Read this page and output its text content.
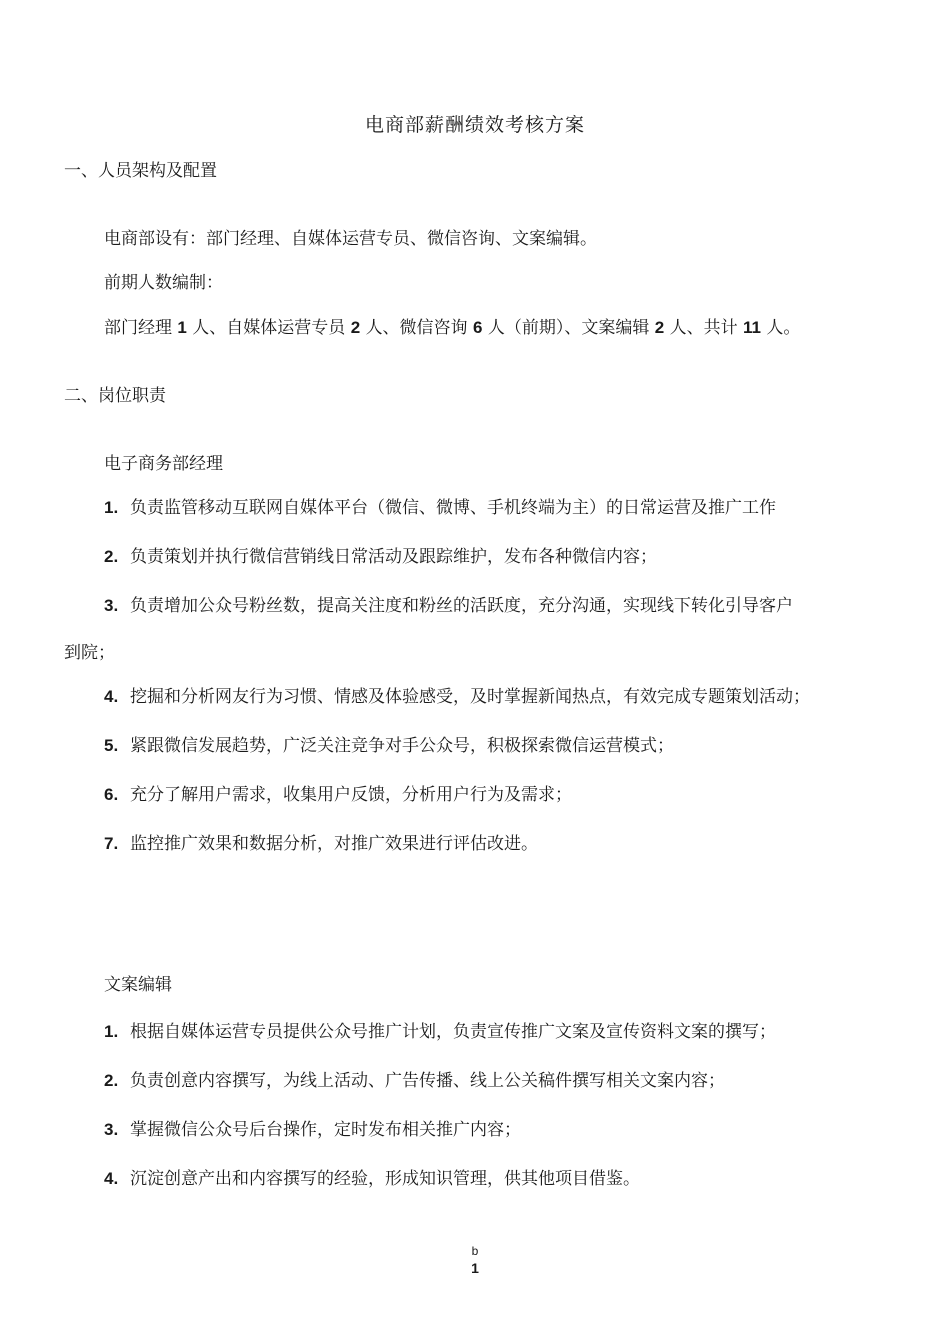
电商部薪酬绩效考核方案
一、人员架构及配置
电商部设有：部门经理、自媒体运营专员、微信咨询、文案编辑。
前期人数编制：
部门经理 1 人、自媒体运营专员 2 人、微信咨询 6 人（前期）、文案编辑 2 人、共计 11 人。
二、岗位职责
电子商务部经理
1. 负责监管移动互联网自媒体平台（微信、微博、手机终端为主）的日常运营及推广工作
2. 负责策划并执行微信营销线日常活动及跟踪维护，发布各种微信内容；
3. 负责增加公众号粉丝数，提高关注度和粉丝的活跃度，充分沟通，实现线下转化引导客户
到院；
4. 挖掘和分析网友行为习惯、情感及体验感受，及时掌握新闻热点，有效完成专题策划活动；
5. 紧跟微信发展趋势，广泛关注竞争对手公众号，积极探索微信运营模式；
6. 充分了解用户需求，收集用户反馈，分析用户行为及需求；
7. 监控推广效果和数据分析，对推广效果进行评估改进。
文案编辑
1. 根据自媒体运营专员提供公众号推广计划，负责宣传推广文案及宣传资料文案的撰写；
2. 负责创意内容撰写，为线上活动、广告传播、线上公关稿件撰写相关文案内容；
3. 掌握微信公众号后台操作，定时发布相关推广内容；
4. 沉淀创意产出和内容撰写的经验，形成知识管理，供其他项目借鉴。
b
1
